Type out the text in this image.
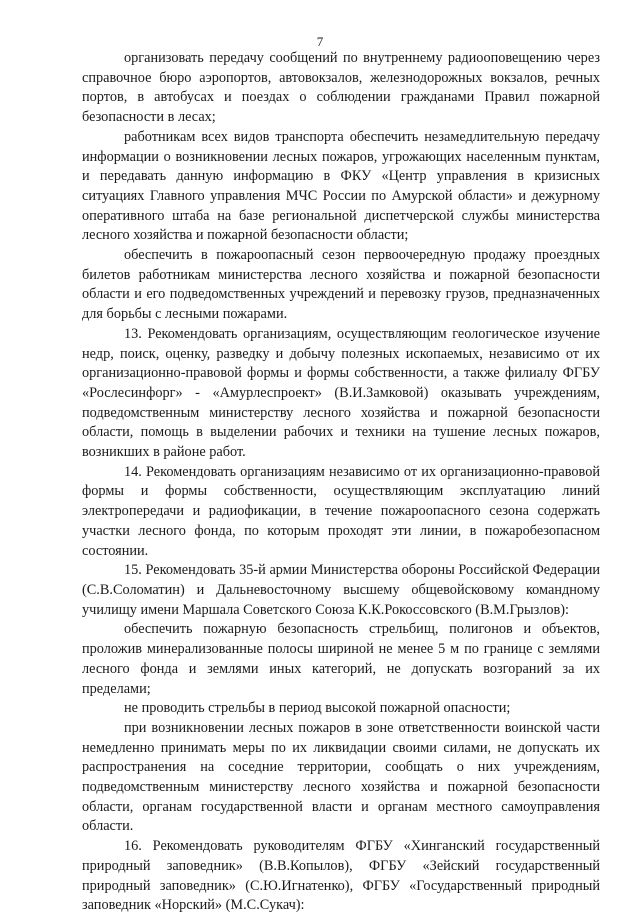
7

организовать передачу сообщений по внутреннему радиооповещению через справочное бюро аэропортов, автовокзалов, железнодорожных вокзалов, речных портов, в автобусах и поездах о соблюдении гражданами Правил пожарной безопасности в лесах;

работникам всех видов транспорта обеспечить незамедлительную передачу информации о возникновении лесных пожаров, угрожающих населенным пунктам, и передавать данную информацию в ФКУ «Центр управления в кризисных ситуациях Главного управления МЧС России по Амурской области» и дежурному оперативного штаба на базе региональной диспетчерской службы министерства лесного хозяйства и пожарной безопасности области;

обеспечить в пожароопасный сезон первоочередную продажу проездных билетов работникам министерства лесного хозяйства и пожарной безопасности области и его подведомственных учреждений и перевозку грузов, предназначенных для борьбы с лесными пожарами.

13. Рекомендовать организациям, осуществляющим геологическое изучение недр, поиск, оценку, разведку и добычу полезных ископаемых, независимо от их организационно-правовой формы и формы собственности, а также филиалу ФГБУ «Рослесинфорг» - «Амурлеспроект» (В.И.Замковой) оказывать учреждениям, подведомственным министерству лесного хозяйства и пожарной безопасности области, помощь в выделении рабочих и техники на тушение лесных пожаров, возникших в районе работ.

14. Рекомендовать организациям независимо от их организационно-правовой формы и формы собственности, осуществляющим эксплуатацию линий электропередачи и радиофикации, в течение пожароопасного сезона содержать участки лесного фонда, по которым проходят эти линии, в пожаробезопасном состоянии.

15. Рекомендовать 35-й армии Министерства обороны Российской Федерации (С.В.Соломатин) и Дальневосточному высшему общевойсковому командному училищу имени Маршала Советского Союза К.К.Рокоссовского (В.М.Грызлов):

обеспечить пожарную безопасность стрельбищ, полигонов и объектов, проложив минерализованные полосы шириной не менее 5 м по границе с землями лесного фонда и землями иных категорий, не допускать возгораний за их пределами;

не проводить стрельбы в период высокой пожарной опасности;

при возникновении лесных пожаров в зоне ответственности воинской части немедленно принимать меры по их ликвидации своими силами, не допускать их распространения на соседние территории, сообщать о них учреждениям, подведомственным министерству лесного хозяйства и пожарной безопасности области, органам государственной власти и органам местного самоуправления области.

16. Рекомендовать руководителям ФГБУ «Хинганский государственный природный заповедник» (В.В.Копылов), ФГБУ «Зейский государственный природный заповедник» (С.Ю.Игнатенко), ФГБУ «Государственный природный заповедник «Норский» (М.С.Сукач):
